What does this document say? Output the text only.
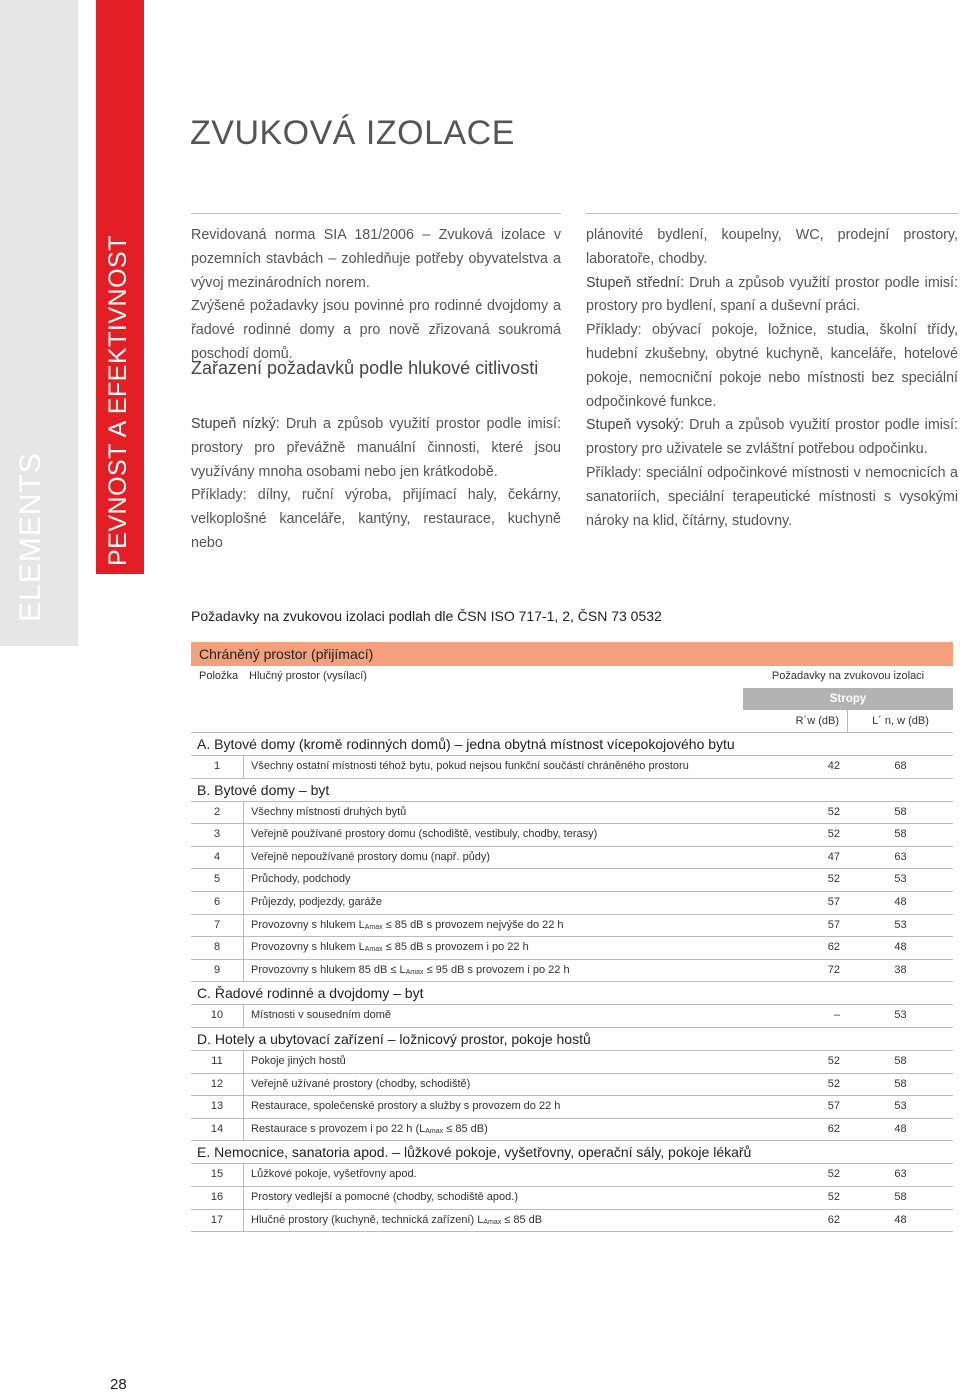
ELEMENTS PEVNOST A EFEKTIVNOST
ZVUKOVÁ IZOLACE

Revidovaná norma SIA 181/2006 – Zvuková izolace v pozemních stavbách – zohledňuje potřeby obyvatelstva a vývoj mezinárodních norem.

Zvýšené požadavky jsou povinné pro rodinné dvojdomy a řadové rodinné domy a pro nově zřizovaná soukromá poschodí domů.

Zařazení požadavků podle hlukové citlivosti

Stupeň nízký: Druh a způsob využití prostor podle imisí: prostory pro převážně manuální činnosti, které jsou využívány mnoha osobami nebo jen krátkodobě.

Příklady: dílny, ruční výroba, přijímací haly, čekárny, velkoplošné kanceláře, kantýny, restaurace, kuchyně nebo

plánovité bydlení, koupelny, WC, prodejní prostory, laboratoře, chodby.

Stupeň střední: Druh a způsob využití prostor podle imisí: prostory pro bydlení, spaní a duševní práci.

Příklady: obývací pokoje, ložnice, studia, školní třídy, hudební zkušebny, obytné kuchyně, kanceláře, hotelové pokoje, nemocniční pokoje nebo místnosti bez speciální odpočinkové funkce.

Stupeň vysoký: Druh a způsob využití prostor podle imisí: prostory pro uživatele se zvláštní potřebou odpočinku.

Příklady: speciální odpočinkové místnosti v nemocnicích a sanatoriích, speciální terapeutické místnosti s vysokými nároky na klid, čítárny, studovny.

Požadavky na zvukovou izolaci podlah dle ČSN ISO 717-1, 2, ČSN 73 0532
Chráněný prostor (přijímací)
Položka Hlučný prostor (vysílací)	Požadavky na zvukovou izolaci
Stropy
R´w (dB)	L´ n, w (dB)
A. Bytové domy (kromě rodinných domů) – jedna obytná místnost vícepokojového bytu
1	Všechny ostatní místnosti téhož bytu, pokud nejsou funkční součástí chráněného prostoru	42	68
B. Bytové domy – byt
2	Všechny místnosti druhých bytů	52	58
3	Veřejně používané prostory domu (schodiště, vestibuly, chodby, terasy)	52	58
4	Veřejně nepoužívané prostory domu (např. půdy)	47	63
5	Průchody, podchody	52	53
6	Průjezdy, podjezdy, garáže	57	48
7	Provozovny s hlukem $L_{Amax} \le 85$ dB s provozem nejvýše do 22 h	57	53
8	Provozovny s hlukem $L_{Amax} \le 85$ dB s provozem i po 22 h	62	48
9	Provozovny s hlukem 85 dB ≤ $L_{Amax} \le 95$ dB s provozem i po 22 h	72	38
C. Řadové rodinné a dvojdomy – byt
10	Místnosti v sousedním domě	–	53
D. Hotely a ubytovací zařízení – ložnicový prostor, pokoje hostů
11	Pokoje jiných hostů	52	58
12	Veřejně užívané prostory (chodby, schodiště)	52	58
13	Restaurace, společenské prostory a služby s provozem do 22 h	57	53
14	Restaurace s provozem i po 22 h ($L_{Amax} \le 85$ dB)	62	48
E. Nemocnice, sanatoria apod. – lůžkové pokoje, vyšetřovny, operační sály, pokoje lékařů
15	Lůžkové pokoje, vyšetřovny apod.	52	63
16	Prostory vedlejší a pomocné (chodby, schodiště apod.)	52	58
17	Hlučné prostory (kuchyně, technická zařízení) $L_{Amax} \le 85$ dB	62	48
28
